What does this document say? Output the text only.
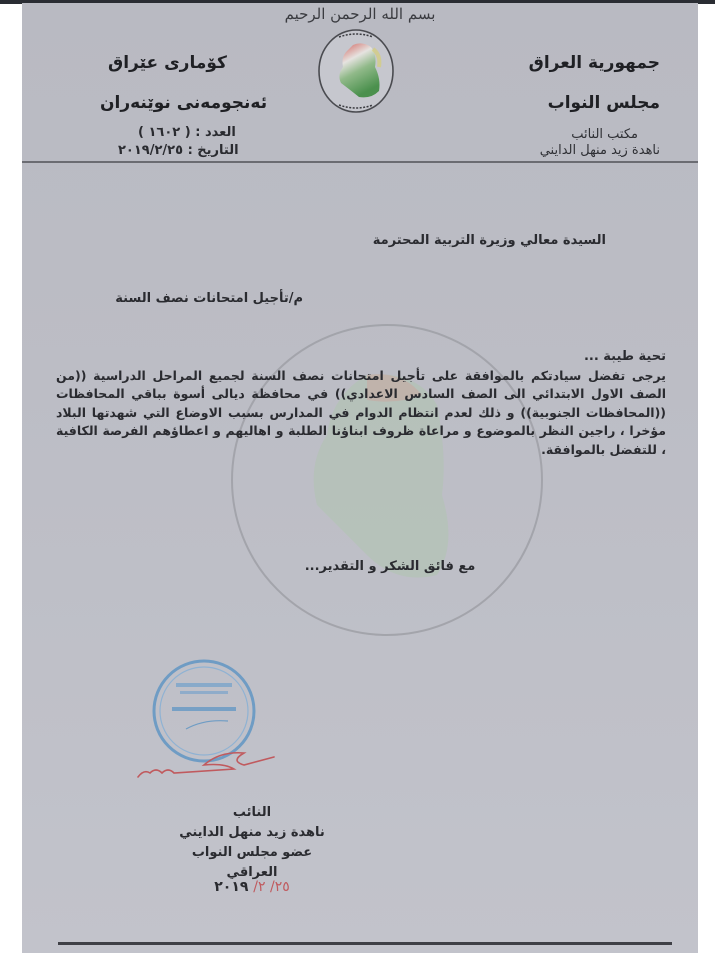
بسم الله الرحمن الرحيم
جمهورية العراق
مجلس النواب
مكتب النائب
ناهدة زيد منهل الدايني
كۆماری عێراق
ئەنجومەنی نوێنەران
العدد : ( ١٦٠٢ )
التاريخ : ٢٠١٩/٢/٢٥
السيدة معالي وزيرة التربية المحترمة
م/تأجيل امتحانات نصف السنة
تحية طيبة ...
يرجى تفضل سيادتكم بالموافقة على تأجيل امتحانات نصف السنة لجميع المراحل الدراسية ((من الصف الاول الابتدائي الى الصف السادس الاعدادي)) في محافظة ديالى أسوة بباقي المحافظات ((المحافظات الجنوبية)) و ذلك لعدم انتظام الدوام في المدارس بسبب الاوضاع التي شهدتها البلاد مؤخرا ، راجين النظر بالموضوع و مراعاة ظروف ابناؤنا الطلبة و اهاليهم و اعطاؤهم الفرصة الكافية ، للتفضل بالموافقة.
مع فائق الشكر و التقدير...
النائب
ناهدة زيد منهل الدايني
عضو مجلس النواب العراقي
٢٥/ ٢/ ٢٠١٩
